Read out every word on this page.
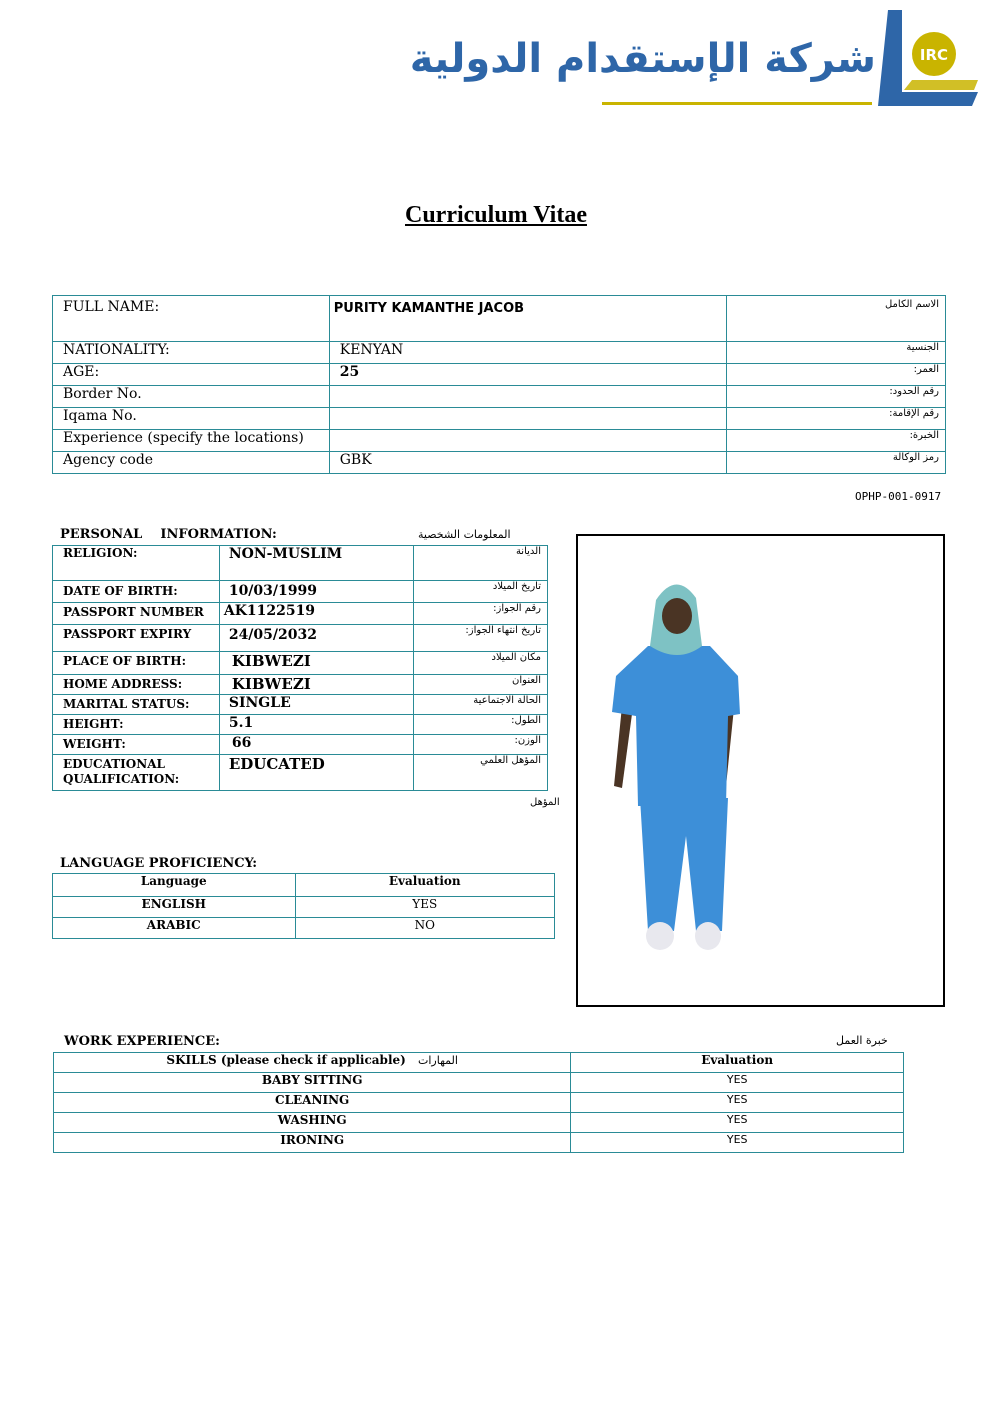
شركة الإستقدام الدولية	IRC
Curriculum Vitae
FULL NAME:	PURITY KAMANTHE JACOB	الاسم الكامل
NATIONALITY:	KENYAN	الجنسية
AGE:	25	العمر:
Border No.		رقم الحدود:
Iqama No.		رقم الإقامة:
Experience (specify the locations)		الخبرة:
Agency code	GBK	رمز الوكالة
OPHP-001-0917
PERSONAL    INFORMATION:	المعلومات الشخصية
RELIGION:	NON-MUSLIM	الديانة
DATE OF BIRTH:	10/03/1999	تاريخ الميلاد
PASSPORT NUMBER	AK1122519	رقم الجواز:
PASSPORT EXPIRY	24/05/2032	تاريخ انتهاء الجواز:
PLACE OF BIRTH:	KIBWEZI	مكان الميلاد
HOME ADDRESS:	KIBWEZI	العنوان
MARITAL STATUS:	SINGLE	الحالة الاجتماعية
HEIGHT:	5.1	الطول:
WEIGHT:	66	الوزن:
EDUCATIONAL QUALIFICATION:	EDUCATED	المؤهل العلمي
المؤهل
LANGUAGE PROFICIENCY:
Language	Evaluation
ENGLISH	YES
ARABIC	NO
WORK EXPERIENCE:	خبرة العمل
SKILLS (please check if applicable) المهارات	Evaluation
BABY SITTING	YES
CLEANING	YES
WASHING	YES
IRONING	YES
